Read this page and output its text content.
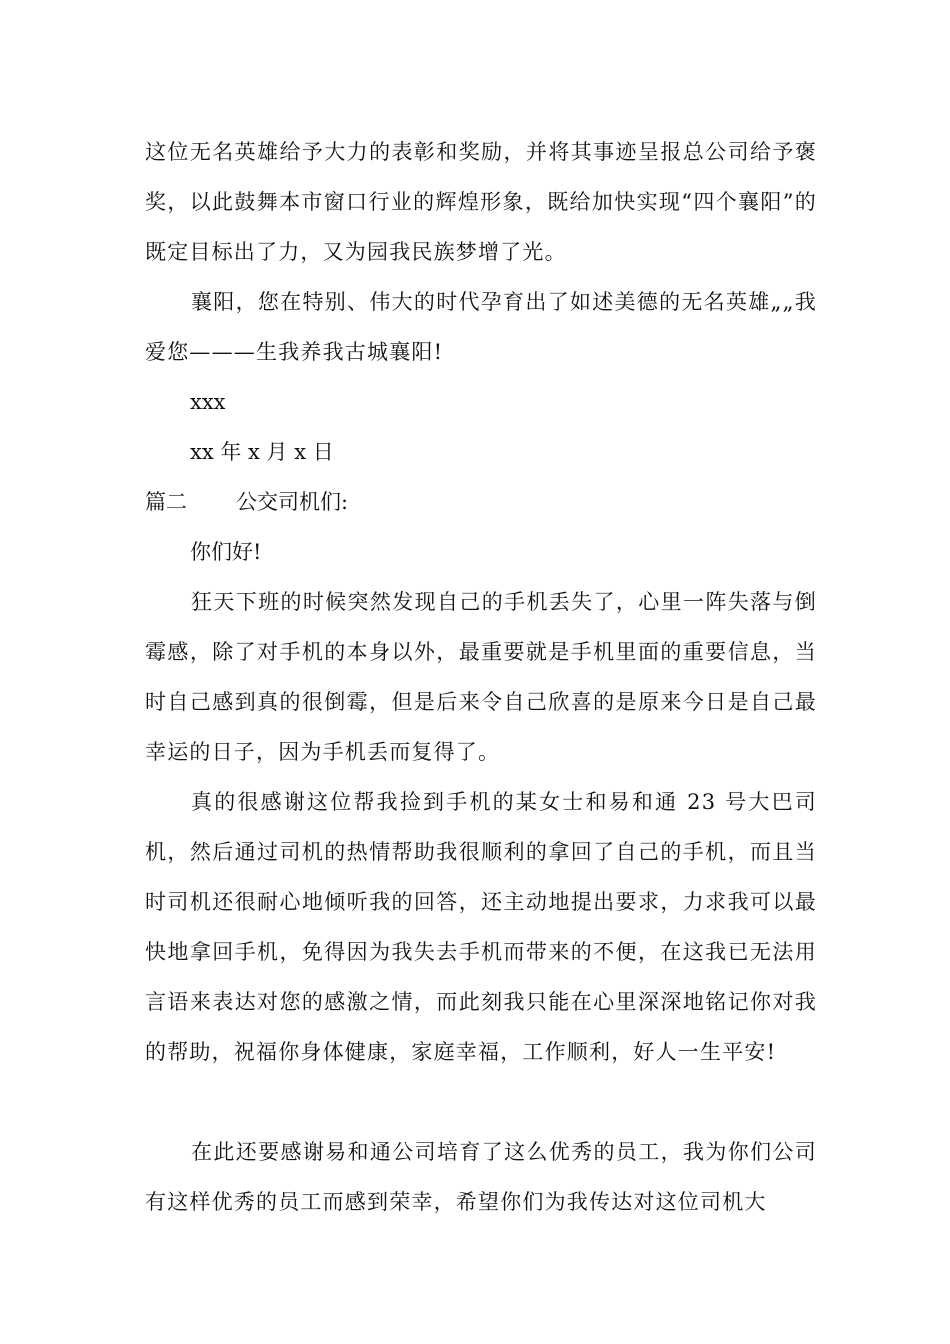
这位无名英雄给予大力的表彰和奖励，并将其事迹呈报总公司给予褒奖，以此鼓舞本市窗口行业的辉煌形象，既给加快实现“四个襄阳”的既定目标出了力，又为园我民族梦增了光。

襄阳，您在特别、伟大的时代孕育出了如述美德的无名英雄„„我爱您———生我养我古城襄阳!

xxx

xx 年 x 月 x 日

篇二 公交司机们:

你们好!

狂天下班的时候突然发现自己的手机丢失了，心里一阵失落与倒霉感，除了对手机的本身以外，最重要就是手机里面的重要信息，当时自己感到真的很倒霉，但是后来令自己欣喜的是原来今日是自己最幸运的日子，因为手机丢而复得了。

真的很感谢这位帮我捡到手机的某女士和易和通 23 号大巴司机，然后通过司机的热情帮助我很顺利的拿回了自己的手机，而且当时司机还很耐心地倾听我的回答，还主动地提出要求，力求我可以最快地拿回手机，免得因为我失去手机而带来的不便，在这我已无法用言语来表达对您的感激之情，而此刻我只能在心里深深地铭记你对我的帮助，祝福你身体健康，家庭幸福，工作顺利，好人一生平安!

在此还要感谢易和通公司培育了这么优秀的员工，我为你们公司有这样优秀的员工而感到荣幸，希望你们为我传达对这位司机大
